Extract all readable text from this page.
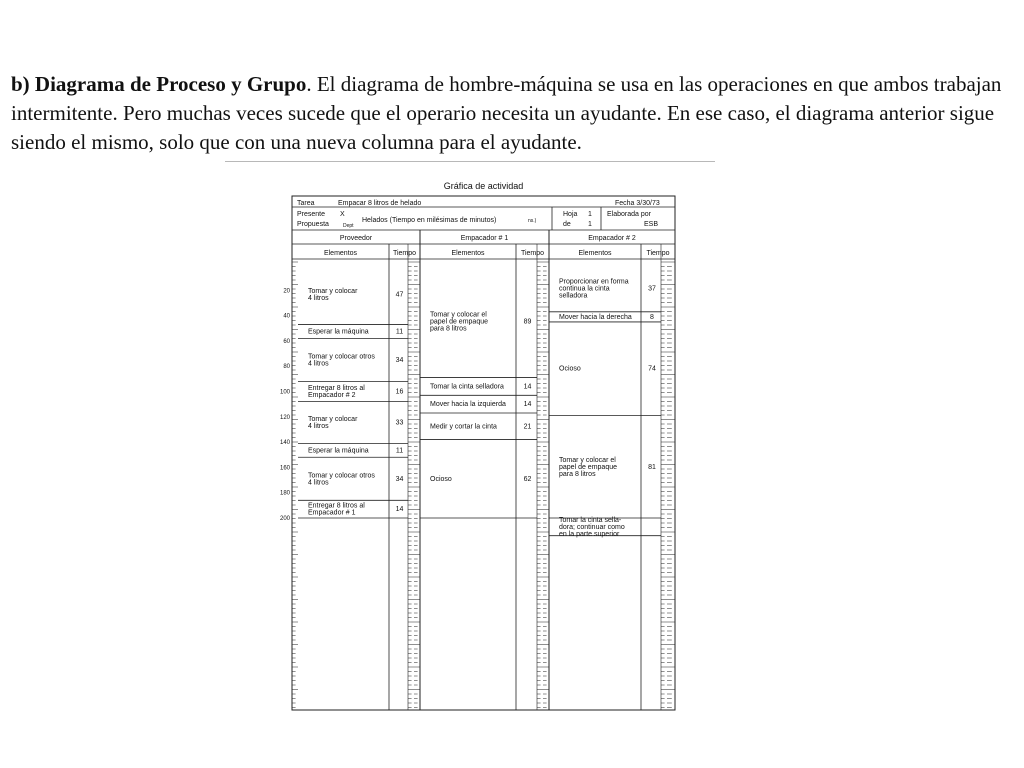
b) Diagrama de Proceso y Grupo. El diagrama de hombre-máquina se usa en las operaciones en que ambos trabajan intermitente. Pero muchas veces sucede que el operario necesita un ayudante. En ese caso, el diagrama anterior sigue siendo el mismo, solo que con una nueva columna para el ayudante.

Gráfica de actividad
Tarea	Empacar 8 litros de helado	Fecha 3/30/73
Presente X
Propuesta	Dept
Helados (Tiempo en milésimas de minutos)	ns.)
Hoja 1
de 1
Elaborada por
ESB
Proveedor
Elementos	Tiempo
Empacador # 1
Elementos	Tiempo
Empacador # 2
Elementos	Tiempo
20
40
60
80
100
120
140
160
180
200
Tomar y colocar
4 litros	47
Esperar la máquina	11
Tomar y colocar otros
4 litros	34
Entregar 8 litros al
Empacador # 2	16
Tomar y colocar
4 litros	33
Esperar la máquina	11
Tomar y colocar otros
4 litros	34
Entregar 8 litros al
Empacador # 1	14
Tomar y colocar el
papel de empaque
para 8 litros
89
Tomar la cinta selladora	14
Mover hacia la izquierda	14
Medir y cortar la cinta	21
Ocioso	62
Proporcionar en forma
continua la cinta
selladora
37
Mover hacia la derecha	8
Ocioso	74
Tomar y colocar el
papel de empaque
para 8 litros
81
Tomar la cinta sella-
dora; continuar como
en la parte superior
